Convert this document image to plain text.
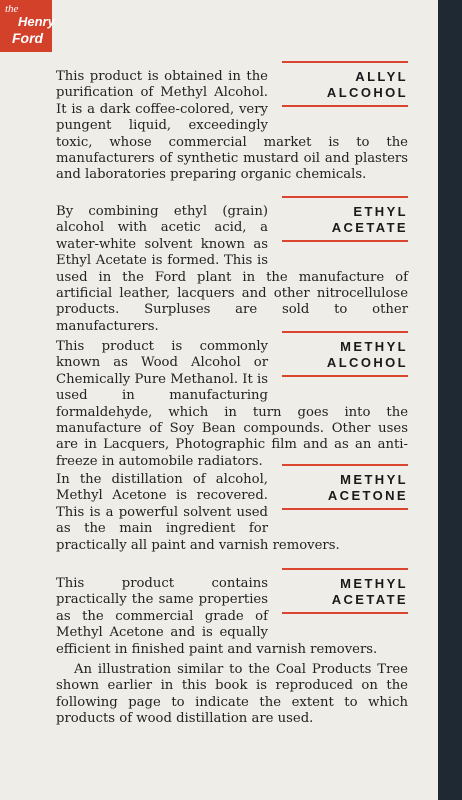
the
Henry
Ford
ALLYL
ALCOHOL

This product is obtained in the purification of Methyl Alcohol. It is a dark coffee-colored, very pungent liquid, exceedingly toxic, whose commercial market is to the manufacturers of synthetic mustard oil and plasters and laboratories preparing organic chemicals.

ETHYL
ACETATE

By combining ethyl (grain) alcohol with acetic acid, a water-white solvent known as Ethyl Acetate is formed. This is used in the Ford plant in the manufacture of artificial leather, lacquers and other nitrocellulose products. Surpluses are sold to other manufacturers.

METHYL
ALCOHOL

This product is commonly known as Wood Alcohol or Chemically Pure Methanol. It is used in manufacturing formaldehyde, which in turn goes into the manufacture of Soy Bean compounds. Other uses are in Lacquers, Photographic film and as an anti-freeze in automobile radiators.

METHYL
ACETONE

In the distillation of alcohol, Methyl Acetone is recovered. This is a powerful solvent used as the main ingredient for practically all paint and varnish removers.

METHYL
ACETATE

This product contains practically the same properties as the commercial grade of Methyl Acetone and is equally efficient in finished paint and varnish removers.

An illustration similar to the Coal Products Tree shown earlier in this book is reproduced on the following page to indicate the extent to which products of wood distillation are used.
